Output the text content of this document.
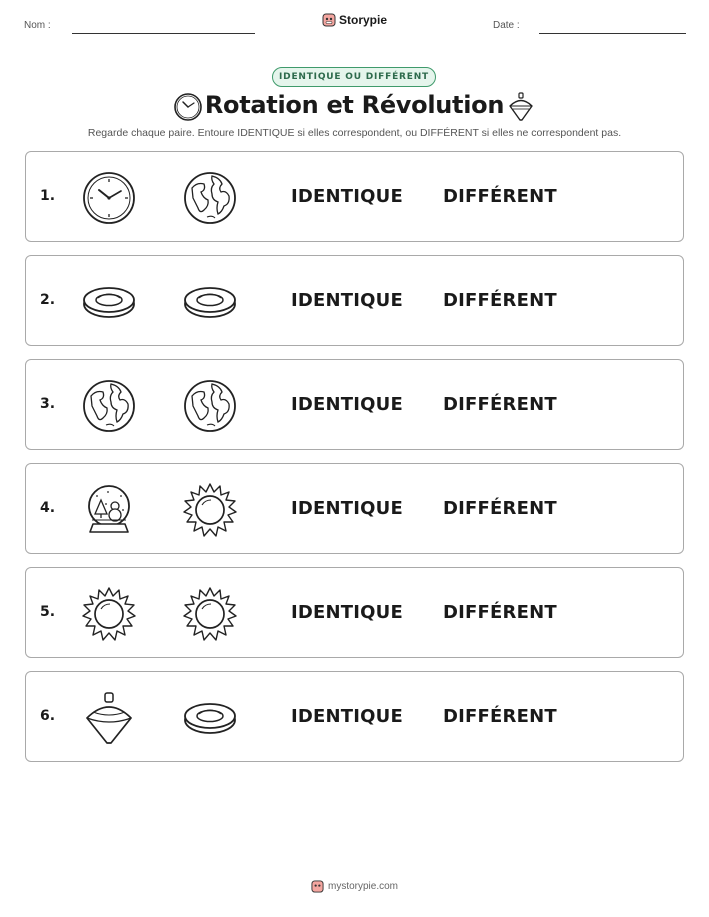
Nom :	Storypie	Date :
IDENTIQUE OU DIFFÉRENT
Rotation et Révolution
Regarde chaque paire. Entoure IDENTIQUE si elles correspondent, ou DIFFÉRENT si elles ne correspondent pas.
1.	IDENTIQUE DIFFÉRENT
2.	IDENTIQUE DIFFÉRENT
3.	IDENTIQUE DIFFÉRENT
4.	IDENTIQUE DIFFÉRENT
5.	IDENTIQUE DIFFÉRENT
6.	IDENTIQUE DIFFÉRENT
mystorypie.com
